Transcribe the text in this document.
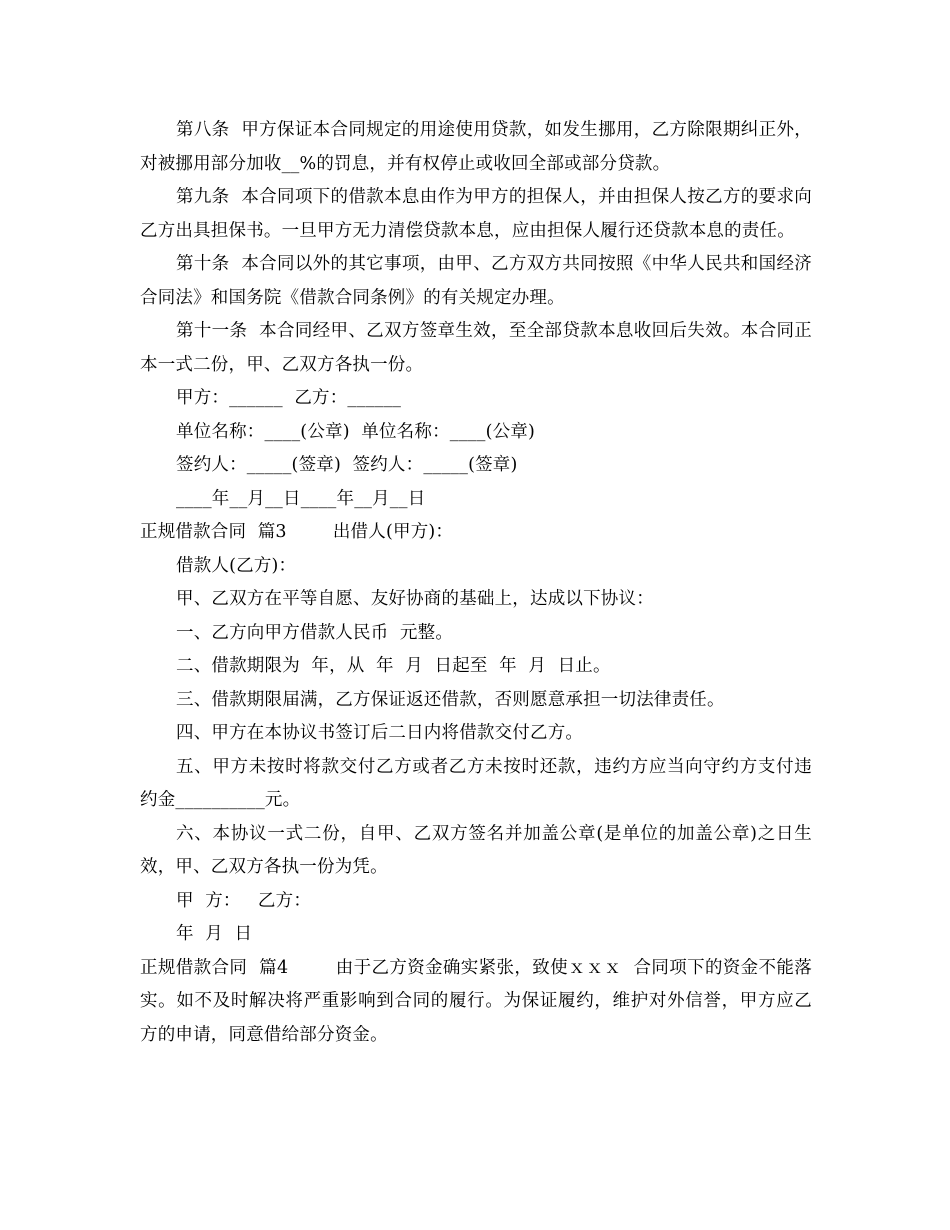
第八条  甲方保证本合同规定的用途使用贷款，如发生挪用，乙方除限期纠正外，对被挪用部分加收__%的罚息，并有权停止或收回全部或部分贷款。

第九条  本合同项下的借款本息由作为甲方的担保人，并由担保人按乙方的要求向乙方出具担保书。一旦甲方无力清偿贷款本息，应由担保人履行还贷款本息的责任。

第十条  本合同以外的其它事项，由甲、乙方双方共同按照《中华人民共和国经济合同法》和国务院《借款合同条例》的有关规定办理。

第十一条  本合同经甲、乙双方签章生效，至全部贷款本息收回后失效。本合同正本一式二份，甲、乙双方各执一份。

甲方：______  乙方：______

单位名称：____(公章)  单位名称：____(公章)

签约人：_____(签章)  签约人：_____(签章)

____年__月__日____年__月__日

正规借款合同  篇3        出借人(甲方)：

借款人(乙方)：

甲、乙双方在平等自愿、友好协商的基础上，达成以下协议：

一、乙方向甲方借款人民币  元整。

二、借款期限为  年，从  年  月  日起至  年  月  日止。

三、借款期限届满，乙方保证返还借款，否则愿意承担一切法律责任。

四、甲方在本协议书签订后二日内将借款交付乙方。

五、甲方未按时将款交付乙方或者乙方未按时还款，违约方应当向守约方支付违约金__________元。

六、本协议一式二份，自甲、乙双方签名并加盖公章(是单位的加盖公章)之日生效，甲、乙双方各执一份为凭。

甲  方：   乙方：

年  月  日

正规借款合同  篇4        由于乙方资金确实紧张，致使ｘｘｘ  合同项下的资金不能落实。如不及时解决将严重影响到合同的履行。为保证履约，维护对外信誉，甲方应乙方的申请，同意借给部分资金。
